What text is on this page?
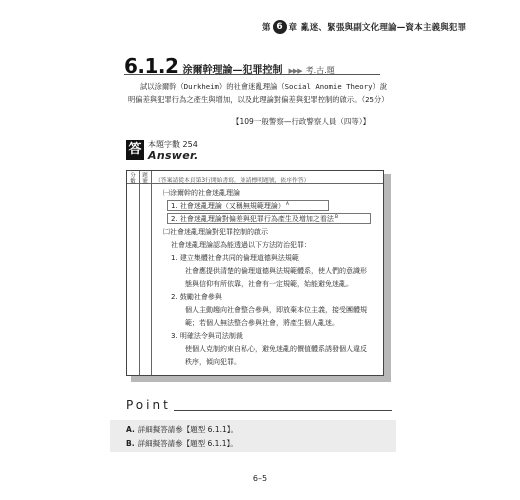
第 6 章 亂迷、緊張與副文化理論—資本主義與犯罪
6.1.2 涂爾幹理論—犯罪控制 ▶▶▶ 考.古.題

試以涂爾幹（Durkheim）的社會迷亂理論（Social Anomie Theory）說明偏差與犯罪行為之產生與增加，以及此理論對偏差與犯罪控制的啟示。（25分）

【109一般警察—行政警察人員（四等）】
答 本題字數 254
Answer.
分數
題號 （答案請從本頁第3行開始書寫，並請標明題號，依序作答）
㈠涂爾幹的社會迷亂理論
1. 社會迷亂理論（又稱無規範理論）$^A$
2. 社會迷亂理論對偏差與犯罪行為產生及增加之看法$^B$
㈡社會迷亂理論對犯罪控制的啟示
社會迷亂理論認為能透過以下方法防治犯罪：
1. 建立集體社會共同的倫理道德與法規範
社會應提供清楚的倫理道德與法規範體系，使人們的意識形
態與信仰有所依靠，社會有一定規範，始能避免迷亂。
2. 鼓勵社會參與
個人主動趨向社會整合參與，即放棄本位主義，接受團體規
範；若個人無法整合參與社會，將產生個人亂迷。
3. 明確法令與司法制裁
使個人克制約束自私心，避免迷亂的價值體系誘發個人違反
秩序，傾向犯罪。
Point
A. 詳細擬答請參【題型 6.1.1】。
B. 詳細擬答請參【題型 6.1.1】。
6–5
